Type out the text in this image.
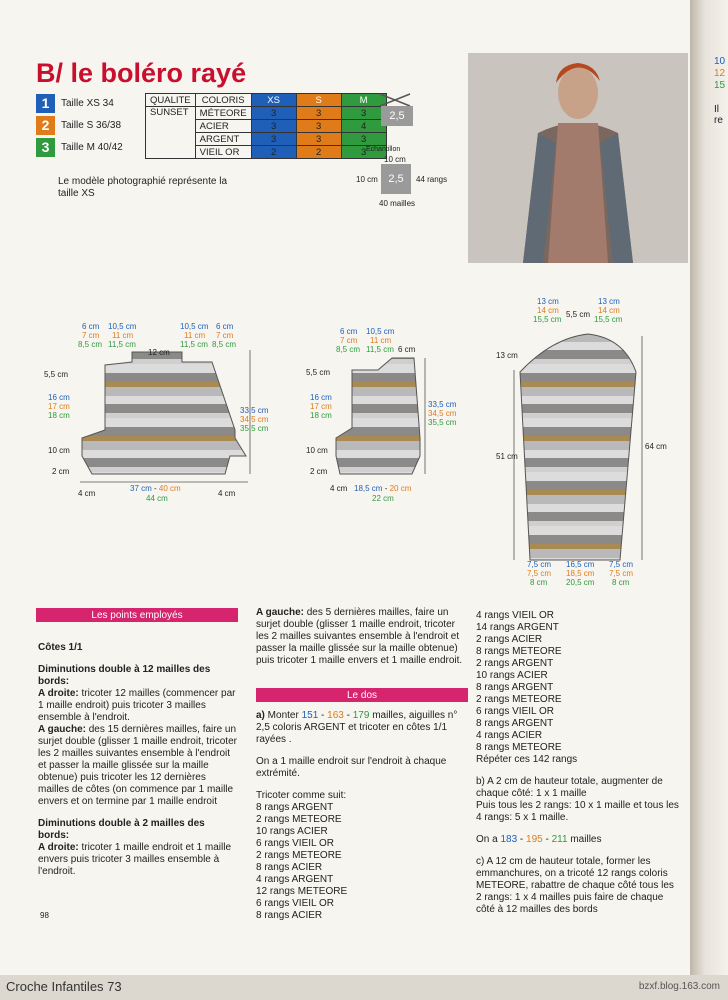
10
12
15
Il re
B/ le boléro rayé
1	Taille XS 34
2	Taille S 36/38
3	Taille M 40/42
QUALITE	COLORIS	XS	S	M
SUNSET	MÉTEORE	3	3	3
	ACIER	3	3	4
	ARGENT	3	3	3
	VIEIL OR	2	2	3
2,5
Echantillon
10 cm
2,5
10 cm	44 rangs
40 mailles
Le modèle photographié représente la taille XS
6 cm
7 cm
8,5 cm
10,5 cm
11 cm
11,5 cm
12 cm
10,5 cm
11 cm
11,5 cm
6 cm
7 cm
8,5 cm
5,5 cm
16 cm
17 cm
18 cm
10 cm
2 cm
33,5 cm
34,5 cm
35,5 cm
37 cm - 40 cm
44 cm
4 cm	4 cm
6 cm
7 cm
8,5 cm
10,5 cm
11 cm
11,5 cm 6 cm
5,5 cm
16 cm
17 cm
18 cm
10 cm
2 cm
33,5 cm
34,5 cm
35,5 cm
4 cm 18,5 cm - 20 cm
22 cm
13 cm
14 cm
15,5 cm
5,5 cm
13 cm
14 cm
15,5 cm
13 cm
51 cm
64 cm
7,5 cm
7,5 cm
8 cm
16,5 cm
18,5 cm
20,5 cm
7,5 cm
7,5 cm
8 cm
Les points employés

Côtes 1/1

Diminutions double à 12 mailles des bords:

A droite: tricoter 12 mailles (commencer par 1 maille endroit) puis tricoter 3 mailles ensemble à l'endroit.

A gauche: des 15 dernières mailles, faire un surjet double (glisser 1 maille endroit, tricoter les 2 mailles suivantes ensemble à l'endroit et passer la maille glissée sur la maille obtenue) puis tricoter les 12 dernières mailles de côtes (on commence par 1 maille envers et on termine par 1 maille endroit

Diminutions double à 2 mailles des bords:

A droite: tricoter 1 maille endroit et 1 maille envers puis tricoter 3 mailles ensemble à l'endroit.

98

A gauche: des 5 dernières mailles, faire un surjet double (glisser 1 maille endroit, tricoter les 2 mailles suivantes ensemble à l'endroit et passer la maille glissée sur la maille obtenue) puis tricoter 1 maille envers et 1 maille endroit.

Le dos

a) Monter 151 - 163 - 179 mailles, aiguilles n° 2,5 coloris ARGENT et tricoter en côtes 1/1 rayées .

On a 1 maille endroit sur l'endroit à chaque extrémité.

Tricoter comme suit:
8 rangs ARGENT
2 rangs METEORE
10 rangs ACIER
6 rangs VIEIL OR
2 rangs METEORE
8 rangs ACIER
4 rangs ARGENT
12 rangs METEORE
6 rangs VIEIL OR
8 rangs ACIER
4 rangs VIEIL OR
14 rangs ARGENT
2 rangs ACIER
8 rangs METEORE
2 rangs ARGENT
10 rangs ACIER
8 rangs ARGENT
2 rangs METEORE
6 rangs VIEIL OR
8 rangs ARGENT
4 rangs ACIER
8 rangs METEORE

Répéter ces 142 rangs

b) A 2 cm de hauteur totale, augmenter de chaque côté: 1 x 1 maille

Puis tous les 2 rangs: 10 x 1 maille et tous les 4 rangs: 5 x 1 maille.

On a 183 - 195 - 211 mailles

c) A 12 cm de hauteur totale, former les emmanchures, on a tricoté 12 rangs coloris METEORE, rabattre de chaque côté tous les 2 rangs: 1 x 4 mailles puis faire de chaque côté à 12 mailles des bords

Croche Infantiles 73	bzxf.blog.163.com
